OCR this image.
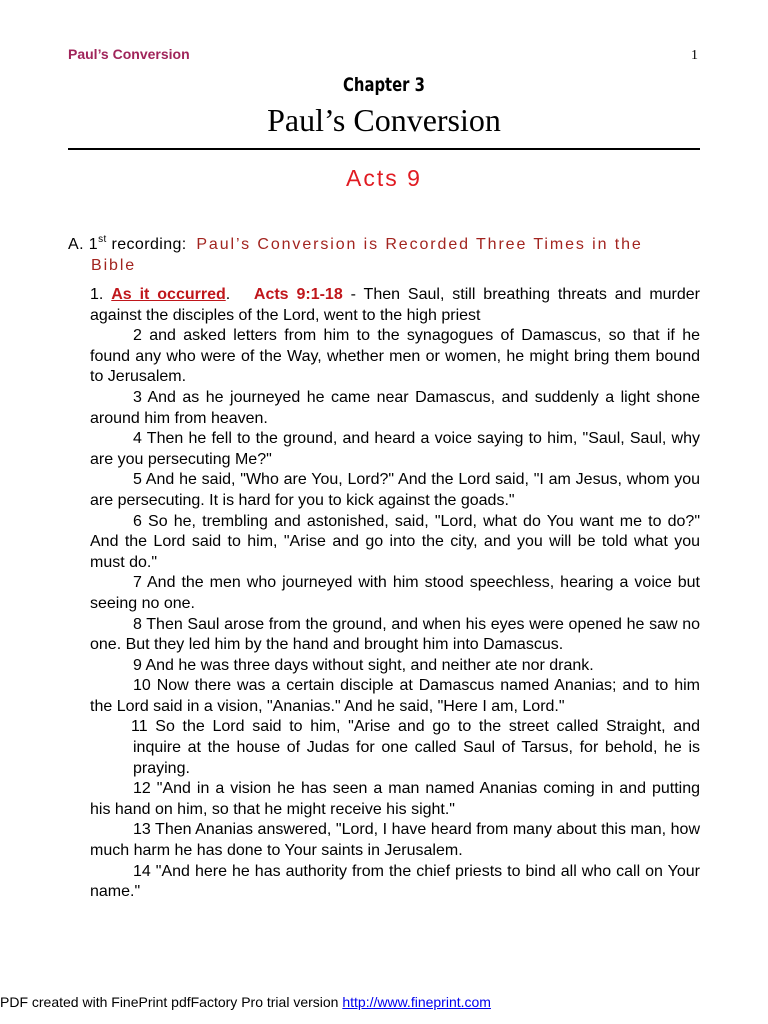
Paul’s Conversion	1
Chapter 3
Paul’s Conversion
Acts 9
A. 1st recording:  Paul’s Conversion is Recorded Three Times in the
Bible

1. As it occurred.   Acts 9:1-18 - Then Saul, still breathing threats and murder against the disciples of the Lord, went to the high priest

2 and asked letters from him to the synagogues of Damascus, so that if he found any who were of the Way, whether men or women, he might bring them bound to Jerusalem.

3 And as he journeyed he came near Damascus, and suddenly a light shone around him from heaven.

4 Then he fell to the ground, and heard a voice saying to him, "Saul, Saul, why are you persecuting Me?"

5 And he said, "Who are You, Lord?" And the Lord said, "I am Jesus, whom you are persecuting. It is hard for you to kick against the goads."

6 So he, trembling and astonished, said, "Lord, what do You want me to do?" And the Lord said to him, "Arise and go into the city, and you will be told what you must do."

7 And the men who journeyed with him stood speechless, hearing a voice but seeing no one.

8 Then Saul arose from the ground, and when his eyes were opened he saw no one. But they led him by the hand and brought him into Damascus.

9 And he was three days without sight, and neither ate nor drank.

10 Now there was a certain disciple at Damascus named Ananias; and to him the Lord said in a vision, "Ananias." And he said, "Here I am, Lord."

11 So the Lord said to him, "Arise and go to the street called Straight, and inquire at the house of Judas for one called Saul of Tarsus, for behold, he is praying.

12 "And in a vision he has seen a man named Ananias coming in and putting his hand on him, so that he might receive his sight."

13 Then Ananias answered, "Lord, I have heard from many about this man, how much harm he has done to Your saints in Jerusalem.

14 "And here he has authority from the chief priests to bind all who call on Your name."

PDF created with FinePrint pdfFactory Pro trial version http://www.fineprint.com
